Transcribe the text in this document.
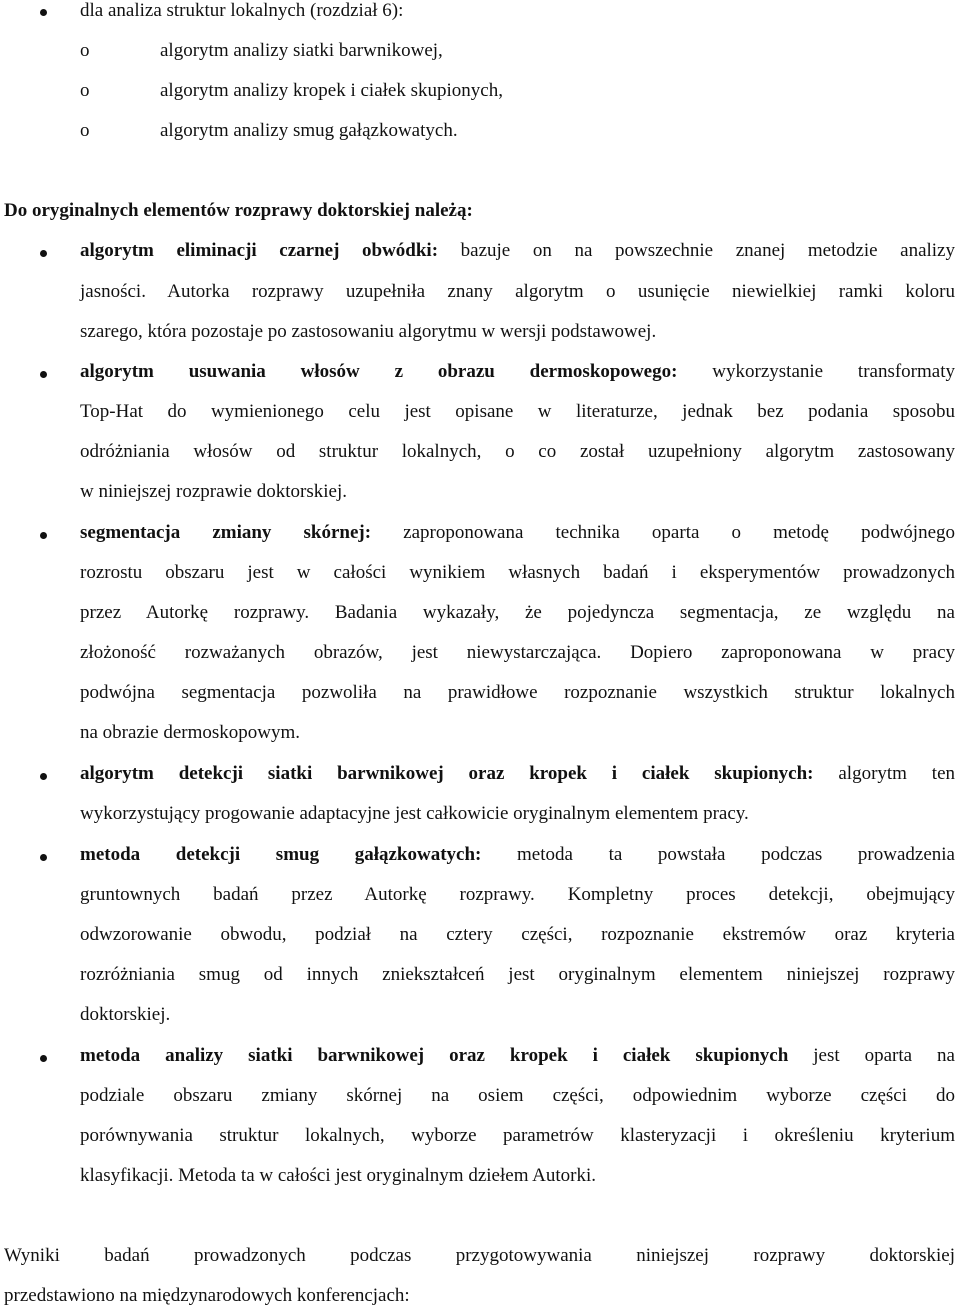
dla analiza struktur lokalnych (rozdział 6):
o	algorytm analizy siatki barwnikowej,
o	algorytm analizy kropek i ciałek skupionych,
o	algorytm analizy smug gałązkowatych.
Do oryginalnych elementów rozprawy doktorskiej należą:
algorytm eliminacji czarnej obwódki: bazuje on na powszechnie znanej metodzie analizy
jasności. Autorka rozprawy uzupełniła znany algorytm o usunięcie niewielkiej ramki koloru
szarego, która pozostaje po zastosowaniu algorytmu w wersji podstawowej.
algorytm usuwania włosów z obrazu dermoskopowego: wykorzystanie transformaty
Top-Hat do wymienionego celu jest opisane w literaturze, jednak bez podania sposobu
odróżniania włosów od struktur lokalnych, o co został uzupełniony algorytm zastosowany
w niniejszej rozprawie doktorskiej.
segmentacja zmiany skórnej: zaproponowana technika oparta o metodę podwójnego
rozrostu obszaru jest w całości wynikiem własnych badań i eksperymentów prowadzonych
przez Autorkę rozprawy. Badania wykazały, że pojedyncza segmentacja, ze względu na
złożoność rozważanych obrazów, jest niewystarczająca. Dopiero zaproponowana w pracy
podwójna segmentacja pozwoliła na prawidłowe rozpoznanie wszystkich struktur lokalnych
na obrazie dermoskopowym.
algorytm detekcji siatki barwnikowej oraz kropek i ciałek skupionych: algorytm ten
wykorzystujący progowanie adaptacyjne jest całkowicie oryginalnym elementem pracy.
metoda detekcji smug gałązkowatych: metoda ta powstała podczas prowadzenia
gruntownych badań przez Autorkę rozprawy. Kompletny proces detekcji, obejmujący
odwzorowanie obwodu, podział na cztery części, rozpoznanie ekstremów oraz kryteria
rozróżniania smug od innych zniekształceń jest oryginalnym elementem niniejszej rozprawy
doktorskiej.
metoda analizy siatki barwnikowej oraz kropek i ciałek skupionych jest oparta na
podziale obszaru zmiany skórnej na osiem części, odpowiednim wyborze części do
porównywania struktur lokalnych, wyborze parametrów klasteryzacji i określeniu kryterium
klasyfikacji. Metoda ta w całości jest oryginalnym dziełem Autorki.
Wyniki badań prowadzonych podczas przygotowywania niniejszej rozprawy doktorskiej
przedstawiono na międzynarodowych konferencjach:
